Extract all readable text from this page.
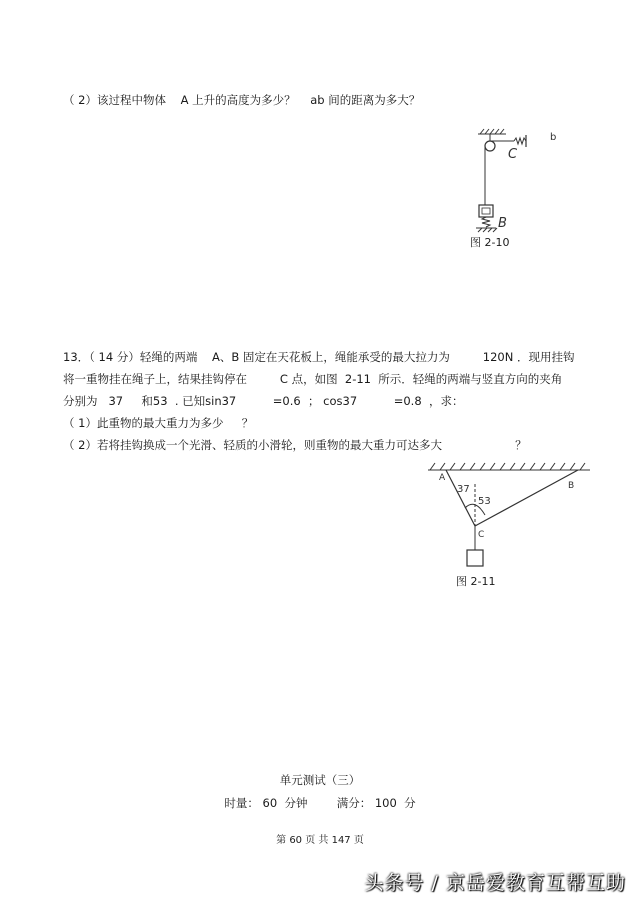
（ 2）该过程中物体    A 上升的高度为多少？    ab 间的距离为多大？
C
b
B
图 2-10
13．（ 14 分）轻绳的两端    A、B 固定在天花板上，绳能承受的最大拉力为         120N ．现用挂钩
将一重物挂在绳子上，结果挂钩停在         C 点，如图  2-11  所示．轻绳的两端与竖直方向的夹角
分别为   37     和53  . 已知sin37          =0.6  ； cos37          =0.8  ，求：
（ 1）此重物的最大重力为多少     ？
（ 2）若将挂钩换成一个光滑、轻质的小滑轮，则重物的最大重力可达多大                    ？
A
B
C
37
53
图 2-11
单元测试（三）
时量： 60  分钟        满分： 100  分
第 60 页 共 147 页
头条号 / 京岳爱教育互帮互助
